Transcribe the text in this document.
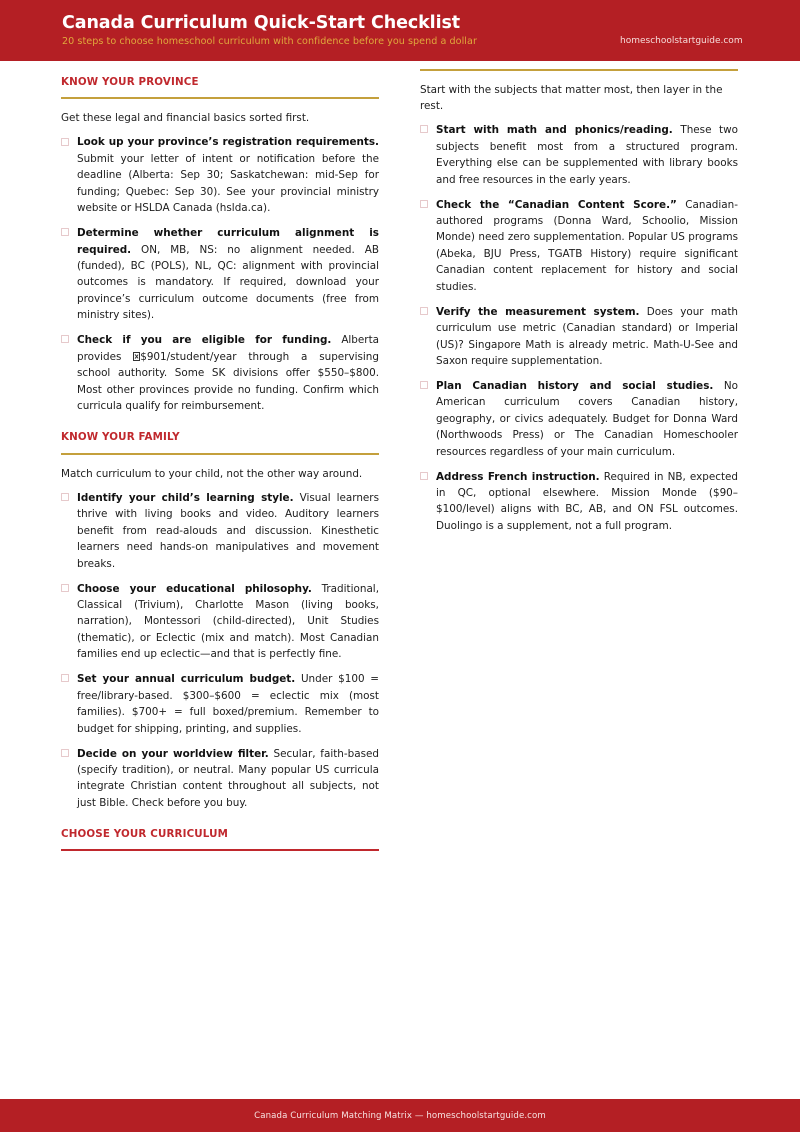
Canada Curriculum Quick-Start Checklist
20 steps to choose homeschool curriculum with confidence before you spend a dollar	homeschoolstartguide.com
KNOW YOUR PROVINCE
Get these legal and financial basics sorted first.
Look up your province’s registration requirements. Submit your letter of intent or notification before the deadline (Alberta: Sep 30; Saskatchewan: mid-Sep for funding; Quebec: Sep 30). See your provincial ministry website or HSLDA Canada (hslda.ca).
Determine whether curriculum alignment is required. ON, MB, NS: no alignment needed. AB (funded), BC (POLS), NL, QC: alignment with provincial outcomes is mandatory. If required, download your province’s curriculum outcome documents (free from ministry sites).
Check if you are eligible for funding. Alberta provides $901/student/year through a supervising school authority. Some SK divisions offer $550–$800. Most other provinces provide no funding. Confirm which curricula qualify for reimbursement.
KNOW YOUR FAMILY
Match curriculum to your child, not the other way around.
Identify your child’s learning style. Visual learners thrive with living books and video. Auditory learners benefit from read-alouds and discussion. Kinesthetic learners need hands-on manipulatives and movement breaks.
Choose your educational philosophy. Traditional, Classical (Trivium), Charlotte Mason (living books, narration), Montessori (child-directed), Unit Studies (thematic), or Eclectic (mix and match). Most Canadian families end up eclectic—and that is perfectly fine.
Set your annual curriculum budget. Under $100 = free/library-based. $300–$600 = eclectic mix (most families). $700+ = full boxed/premium. Remember to budget for shipping, printing, and supplies.
Decide on your worldview filter. Secular, faith-based (specify tradition), or neutral. Many popular US curricula integrate Christian content throughout all subjects, not just Bible. Check before you buy.
CHOOSE YOUR CURRICULUM
Start with the subjects that matter most, then layer in the rest.
Start with math and phonics/reading. These two subjects benefit most from a structured program. Everything else can be supplemented with library books and free resources in the early years.
Check the “Canadian Content Score.” Canadian-authored programs (Donna Ward, Schoolio, Mission Monde) need zero supplementation. Popular US programs (Abeka, BJU Press, TGATB History) require significant Canadian content replacement for history and social studies.
Verify the measurement system. Does your math curriculum use metric (Canadian standard) or Imperial (US)? Singapore Math is already metric. Math-U-See and Saxon require supplementation.
Plan Canadian history and social studies. No American curriculum covers Canadian history, geography, or civics adequately. Budget for Donna Ward (Northwoods Press) or The Canadian Homeschooler resources regardless of your main curriculum.
Address French instruction. Required in NB, expected in QC, optional elsewhere. Mission Monde ($90–$100/level) aligns with BC, AB, and ON FSL outcomes. Duolingo is a supplement, not a full program.
Canada Curriculum Matching Matrix — homeschoolstartguide.com
